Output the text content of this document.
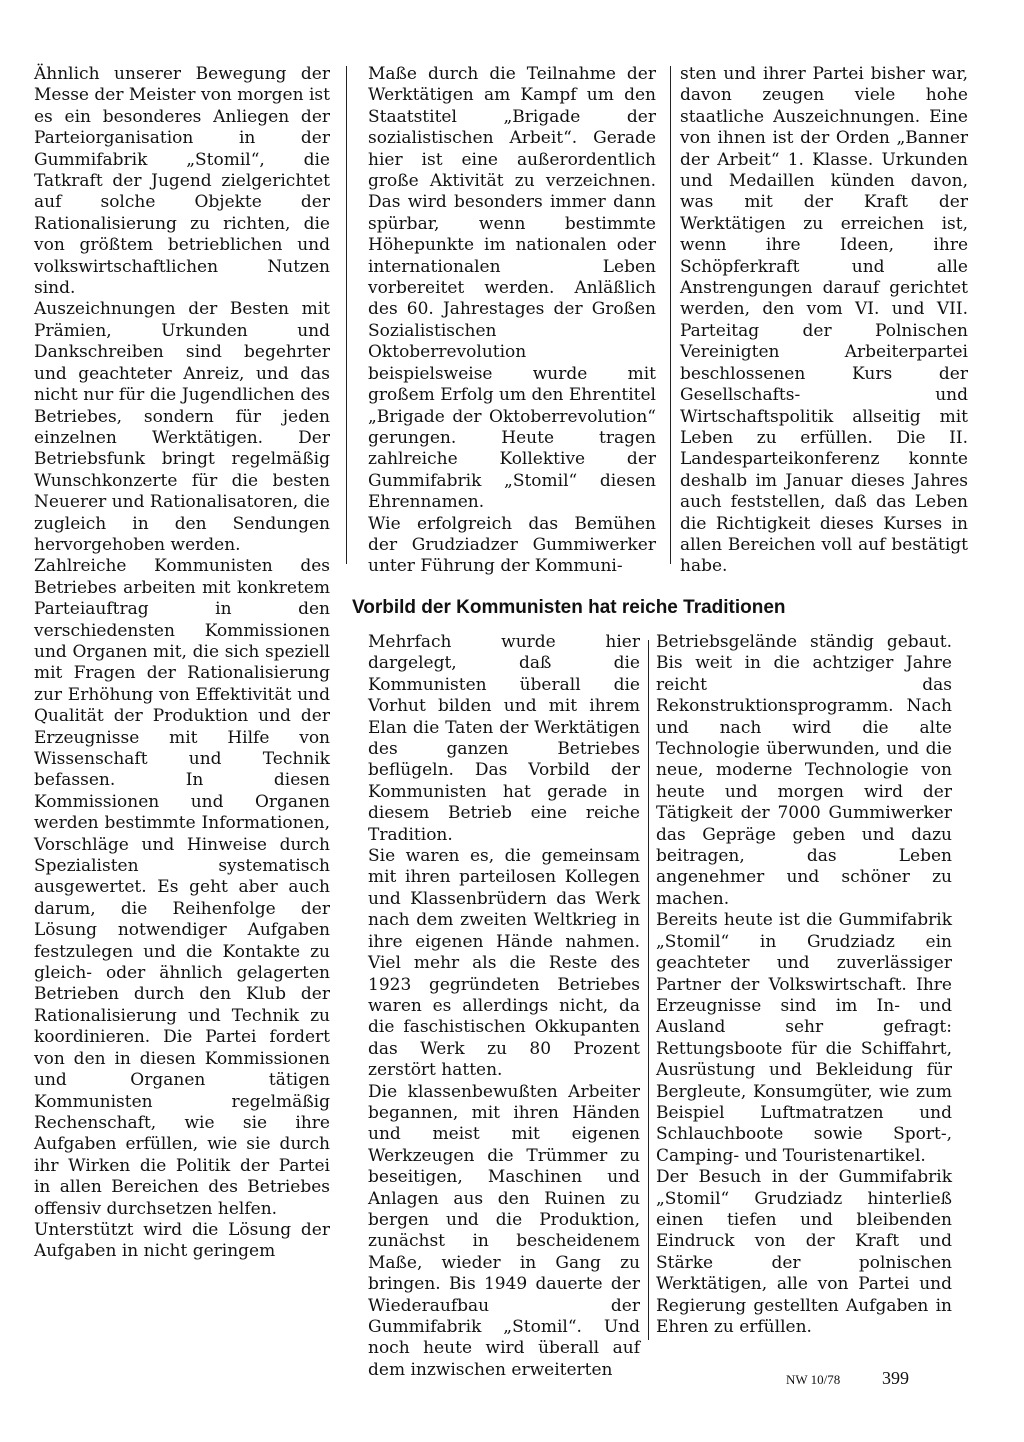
Ähnlich unserer Bewegung der Messe der Meister von morgen ist es ein besonderes Anliegen der Parteiorganisation in der Gummifabrik „Stomil“, die Tatkraft der Jugend zielgerichtet auf solche Objekte der Rationalisierung zu richten, die von größtem betrieblichen und volkswirtschaftlichen Nutzen sind.

Auszeichnungen der Besten mit Prämien, Urkunden und Dankschreiben sind begehrter und geachteter Anreiz, und das nicht nur für die Jugendlichen des Betriebes, sondern für jeden einzelnen Werktätigen. Der Betriebsfunk bringt regelmäßig Wunschkonzerte für die besten Neuerer und Rationalisatoren, die zugleich in den Sendungen hervorgehoben werden.

Zahlreiche Kommunisten des Betriebes arbeiten mit konkretem Parteiauftrag in den verschiedensten Kommissionen und Organen mit, die sich speziell mit Fragen der Rationalisierung zur Erhöhung von Effektivität und Qualität der Produktion und der Erzeugnisse mit Hilfe von Wissenschaft und Technik befassen. In diesen Kommissionen und Organen werden bestimmte Informationen, Vorschläge und Hinweise durch Spezialisten systematisch ausgewertet. Es geht aber auch darum, die Reihenfolge der Lösung notwendiger Aufgaben festzulegen und die Kontakte zu gleich- oder ähnlich gelagerten Betrieben durch den Klub der Rationalisierung und Technik zu koordinieren. Die Partei fordert von den in diesen Kommissionen und Organen tätigen Kommunisten regelmäßig Rechenschaft, wie sie ihre Aufgaben erfüllen, wie sie durch ihr Wirken die Politik der Partei in allen Bereichen des Betriebes offensiv durchsetzen helfen.

Unterstützt wird die Lösung der Aufgaben in nicht geringem

Maße durch die Teilnahme der Werktätigen am Kampf um den Staatstitel „Brigade der sozialistischen Arbeit“. Gerade hier ist eine außerordentlich große Aktivität zu verzeichnen. Das wird besonders immer dann spürbar, wenn bestimmte Höhepunkte im nationalen oder internationalen Leben vorbereitet werden. Anläßlich des 60. Jahrestages der Großen Sozialistischen Oktoberrevolution beispielsweise wurde mit großem Erfolg um den Ehrentitel „Brigade der Oktoberrevolution“ gerungen. Heute tragen zahlreiche Kollektive der Gummifabrik „Stomil“ diesen Ehrennamen.

Wie erfolgreich das Bemühen der Grudziadzer Gummiwerker unter Führung der Kommuni-

sten und ihrer Partei bisher war, davon zeugen viele hohe staatliche Auszeichnungen. Eine von ihnen ist der Orden „Banner der Arbeit“ 1. Klasse. Urkunden und Medaillen künden davon, was mit der Kraft der Werktätigen zu erreichen ist, wenn ihre Ideen, ihre Schöpferkraft und alle Anstrengungen darauf gerichtet werden, den vom VI. und VII. Parteitag der Polnischen Vereinigten Arbeiterpartei beschlossenen Kurs der Gesellschafts- und Wirtschaftspolitik allseitig mit Leben zu erfüllen. Die II. Landesparteikonferenz konnte deshalb im Januar dieses Jahres auch feststellen, daß das Leben die Richtigkeit dieses Kurses in allen Bereichen voll auf bestätigt habe.

Vorbild der Kommunisten hat reiche Traditionen

Mehrfach wurde hier dargelegt, daß die Kommunisten überall die Vorhut bilden und mit ihrem Elan die Taten der Werktätigen des ganzen Betriebes beflügeln. Das Vorbild der Kommunisten hat gerade in diesem Betrieb eine reiche Tradition.

Sie waren es, die gemeinsam mit ihren parteilosen Kollegen und Klassenbrüdern das Werk nach dem zweiten Weltkrieg in ihre eigenen Hände nahmen. Viel mehr als die Reste des 1923 gegründeten Betriebes waren es allerdings nicht, da die faschistischen Okkupanten das Werk zu 80 Prozent zerstört hatten.

Die klassenbewußten Arbeiter begannen, mit ihren Händen und meist mit eigenen Werkzeugen die Trümmer zu beseitigen, Maschinen und Anlagen aus den Ruinen zu bergen und die Produktion, zunächst in bescheidenem Maße, wieder in Gang zu bringen. Bis 1949 dauerte der Wiederaufbau der Gummifabrik „Stomil“. Und noch heute wird überall auf dem inzwischen erweiterten

Betriebsgelände ständig gebaut. Bis weit in die achtziger Jahre reicht das Rekonstruktionsprogramm. Nach und nach wird die alte Technologie überwunden, und die neue, moderne Technologie von heute und morgen wird der Tätigkeit der 7000 Gummiwerker das Gepräge geben und dazu beitragen, das Leben angenehmer und schöner zu machen.

Bereits heute ist die Gummifabrik „Stomil“ in Grudziadz ein geachteter und zuverlässiger Partner der Volkswirtschaft. Ihre Erzeugnisse sind im In- und Ausland sehr gefragt: Rettungsboote für die Schiffahrt, Ausrüstung und Bekleidung für Bergleute, Konsumgüter, wie zum Beispiel Luftmatratzen und Schlauchboote sowie Sport-, Camping- und Touristenartikel.

Der Besuch in der Gummifabrik „Stomil“ Grudziadz hinterließ einen tiefen und bleibenden Eindruck von der Kraft und Stärke der polnischen Werktätigen, alle von Partei und Regierung gestellten Aufgaben in Ehren zu erfüllen.

NW 10/78 399
